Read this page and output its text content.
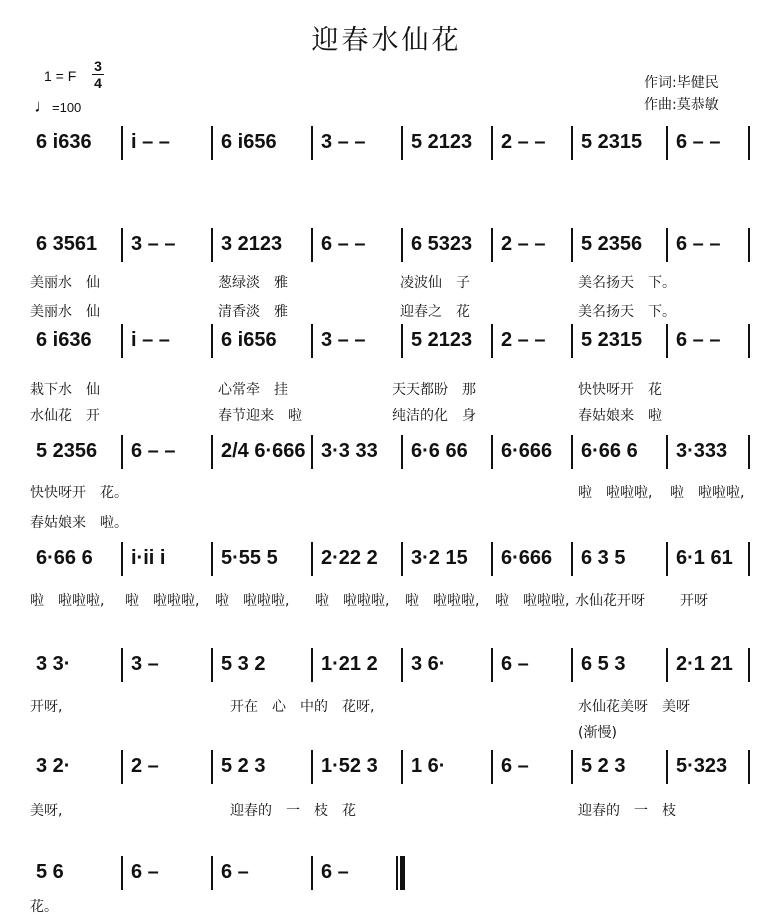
迎春水仙花
1 = F
3
4
♩=100
作词:毕健民
作曲:莫恭敏
6 i636 i – –	6 i656 3 – – 5 2123 2 – – 5 2315 6 – –
6 3561 3 – – 3 2123 6 – – 6 5323 2 – – 5 2356 6 – –
美丽水　仙	葱绿淡　雅	凌波仙　子	美名扬天　下。
美丽水　仙	清香淡　雅	迎春之　花	美名扬天　下。
6 i636 i – –	6 i656 3 – – 5 2123 2 – – 5 2315 6 – –
栽下水　仙	心常牵　挂	天天都盼　那	快快呀开　花
水仙花　开	春节迎来　啦	纯洁的化　身	春姑娘来　啦
5 2356 6 – – 2/4 6·666 3·3 33 6·6 66 6·666 6·66 6 3·333
快快呀开　花。	啦　啦啦啦, 啦　啦啦啦,
春姑娘来　啦。
6·66 6 i·ii i	5·55 5 2·22 2 3·2 15 6·666 6 3 5	6·1 61
啦　啦啦啦, 啦　啦啦啦, 啦　啦啦啦, 啦　啦啦啦, 啦　啦啦啦, 啦　啦啦啦, 水仙花开呀	开呀
3 3·	3 –	5 3 2	1·21 2 3 6·	6 –	6 5 3	2·1 21
开呀,	开在　心　中的　花呀,	水仙花美呀　美呀
(渐慢)
3 2·	2 –	5 2 3	1·52 3 1 6·	6 –	5 2 3	5·323
美呀,	迎春的　一　枝　花	迎春的　一　枝
5 6	6 –	6 –	6 –
花。
